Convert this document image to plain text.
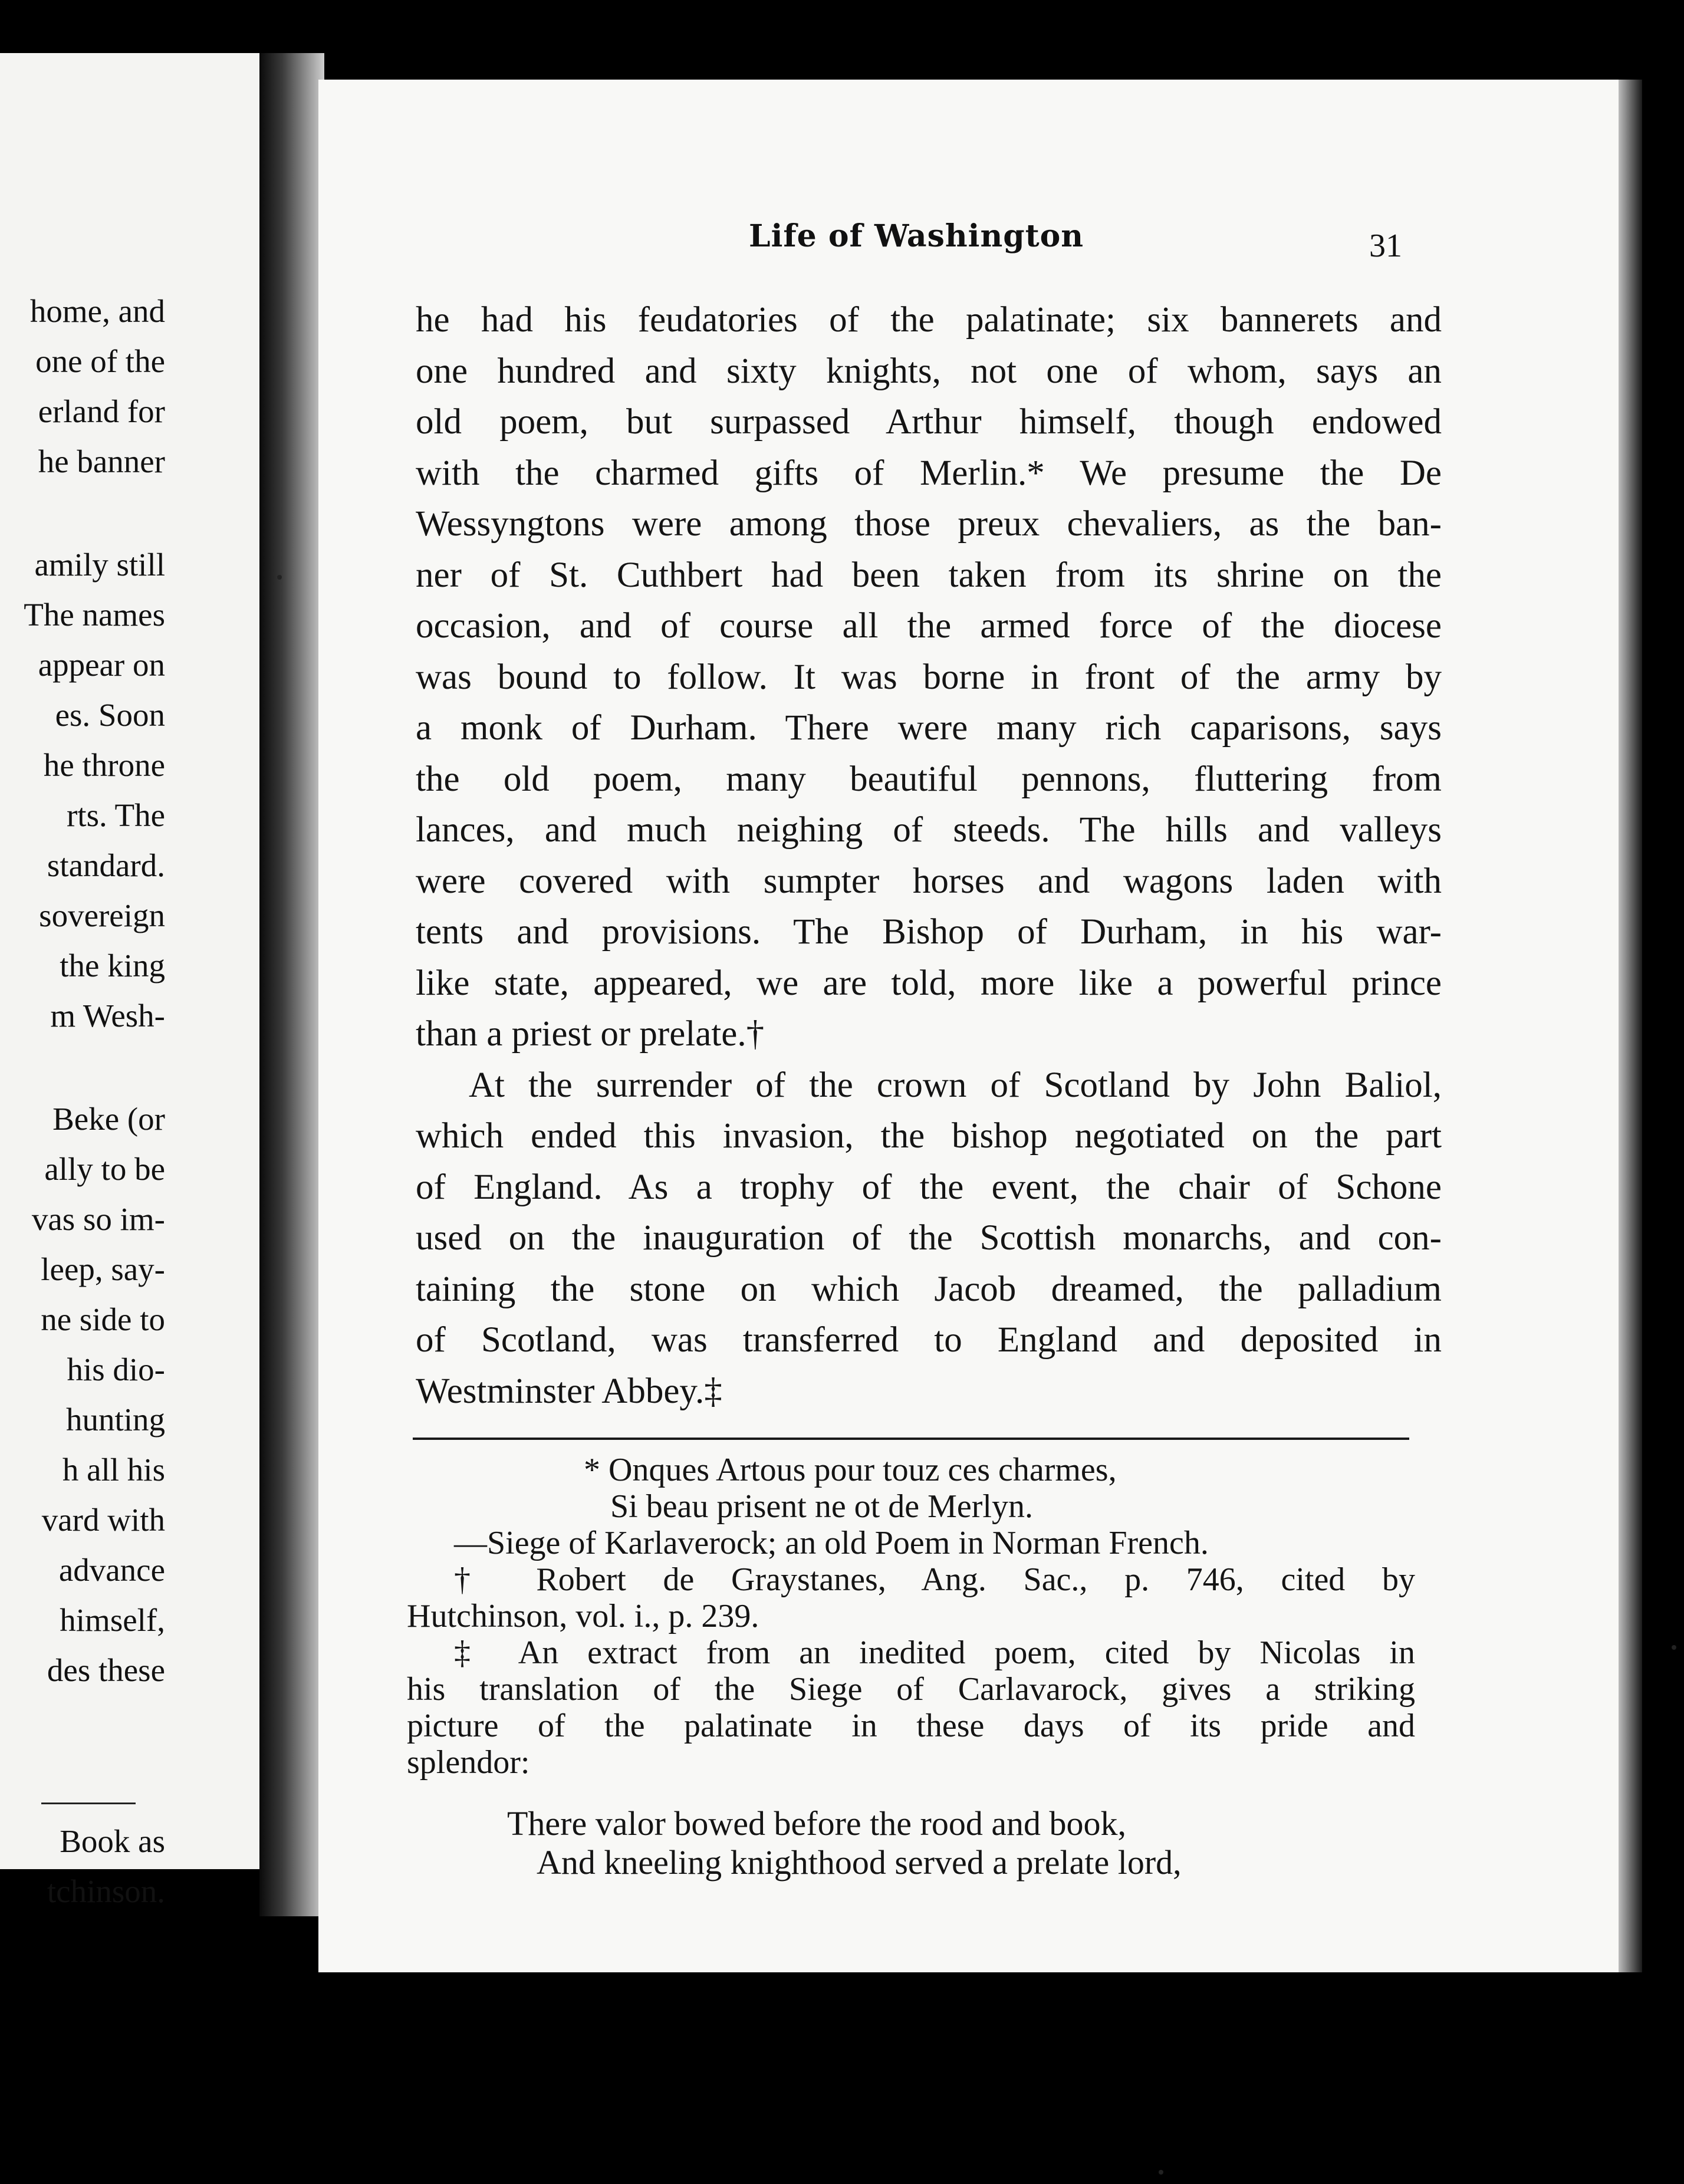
home, and
one of the
erland for
he banner
amily still
The names
appear on
es. Soon
he throne
rts. The
standard.
sovereign
the king
m Wesh-
Beke (or
ally to be
vas so im-
leep, say-
ne side to
his dio-
hunting
h all his
vard with
advance
himself,
des these
Book as
tchinson.
Life of Washington	31
he had his feudatories of the palatinate; six bannerets and
one hundred and sixty knights, not one of whom, says an
old poem, but surpassed Arthur himself, though endowed
with the charmed gifts of Merlin.* We presume the De
Wessyngtons were among those preux chevaliers, as the ban-
ner of St. Cuthbert had been taken from its shrine on the
occasion, and of course all the armed force of the diocese
was bound to follow. It was borne in front of the army by
a monk of Durham. There were many rich caparisons, says
the old poem, many beautiful pennons, fluttering from
lances, and much neighing of steeds. The hills and valleys
were covered with sumpter horses and wagons laden with
tents and provisions. The Bishop of Durham, in his war-
like state, appeared, we are told, more like a powerful prince
than a priest or prelate.†
At the surrender of the crown of Scotland by John Baliol,
which ended this invasion, the bishop negotiated on the part
of England. As a trophy of the event, the chair of Schone
used on the inauguration of the Scottish monarchs, and con-
taining the stone on which Jacob dreamed, the palladium
of Scotland, was transferred to England and deposited in
Westminster Abbey.‡
* Onques Artous pour touz ces charmes,
Si beau prisent ne ot de Merlyn.
—Siege of Karlaverock; an old Poem in Norman French.
† Robert de Graystanes, Ang. Sac., p. 746, cited by
Hutchinson, vol. i., p. 239.
‡ An extract from an inedited poem, cited by Nicolas in
his translation of the Siege of Carlavarock, gives a striking
picture of the palatinate in these days of its pride and
splendor:
There valor bowed before the rood and book,
And kneeling knighthood served a prelate lord,
